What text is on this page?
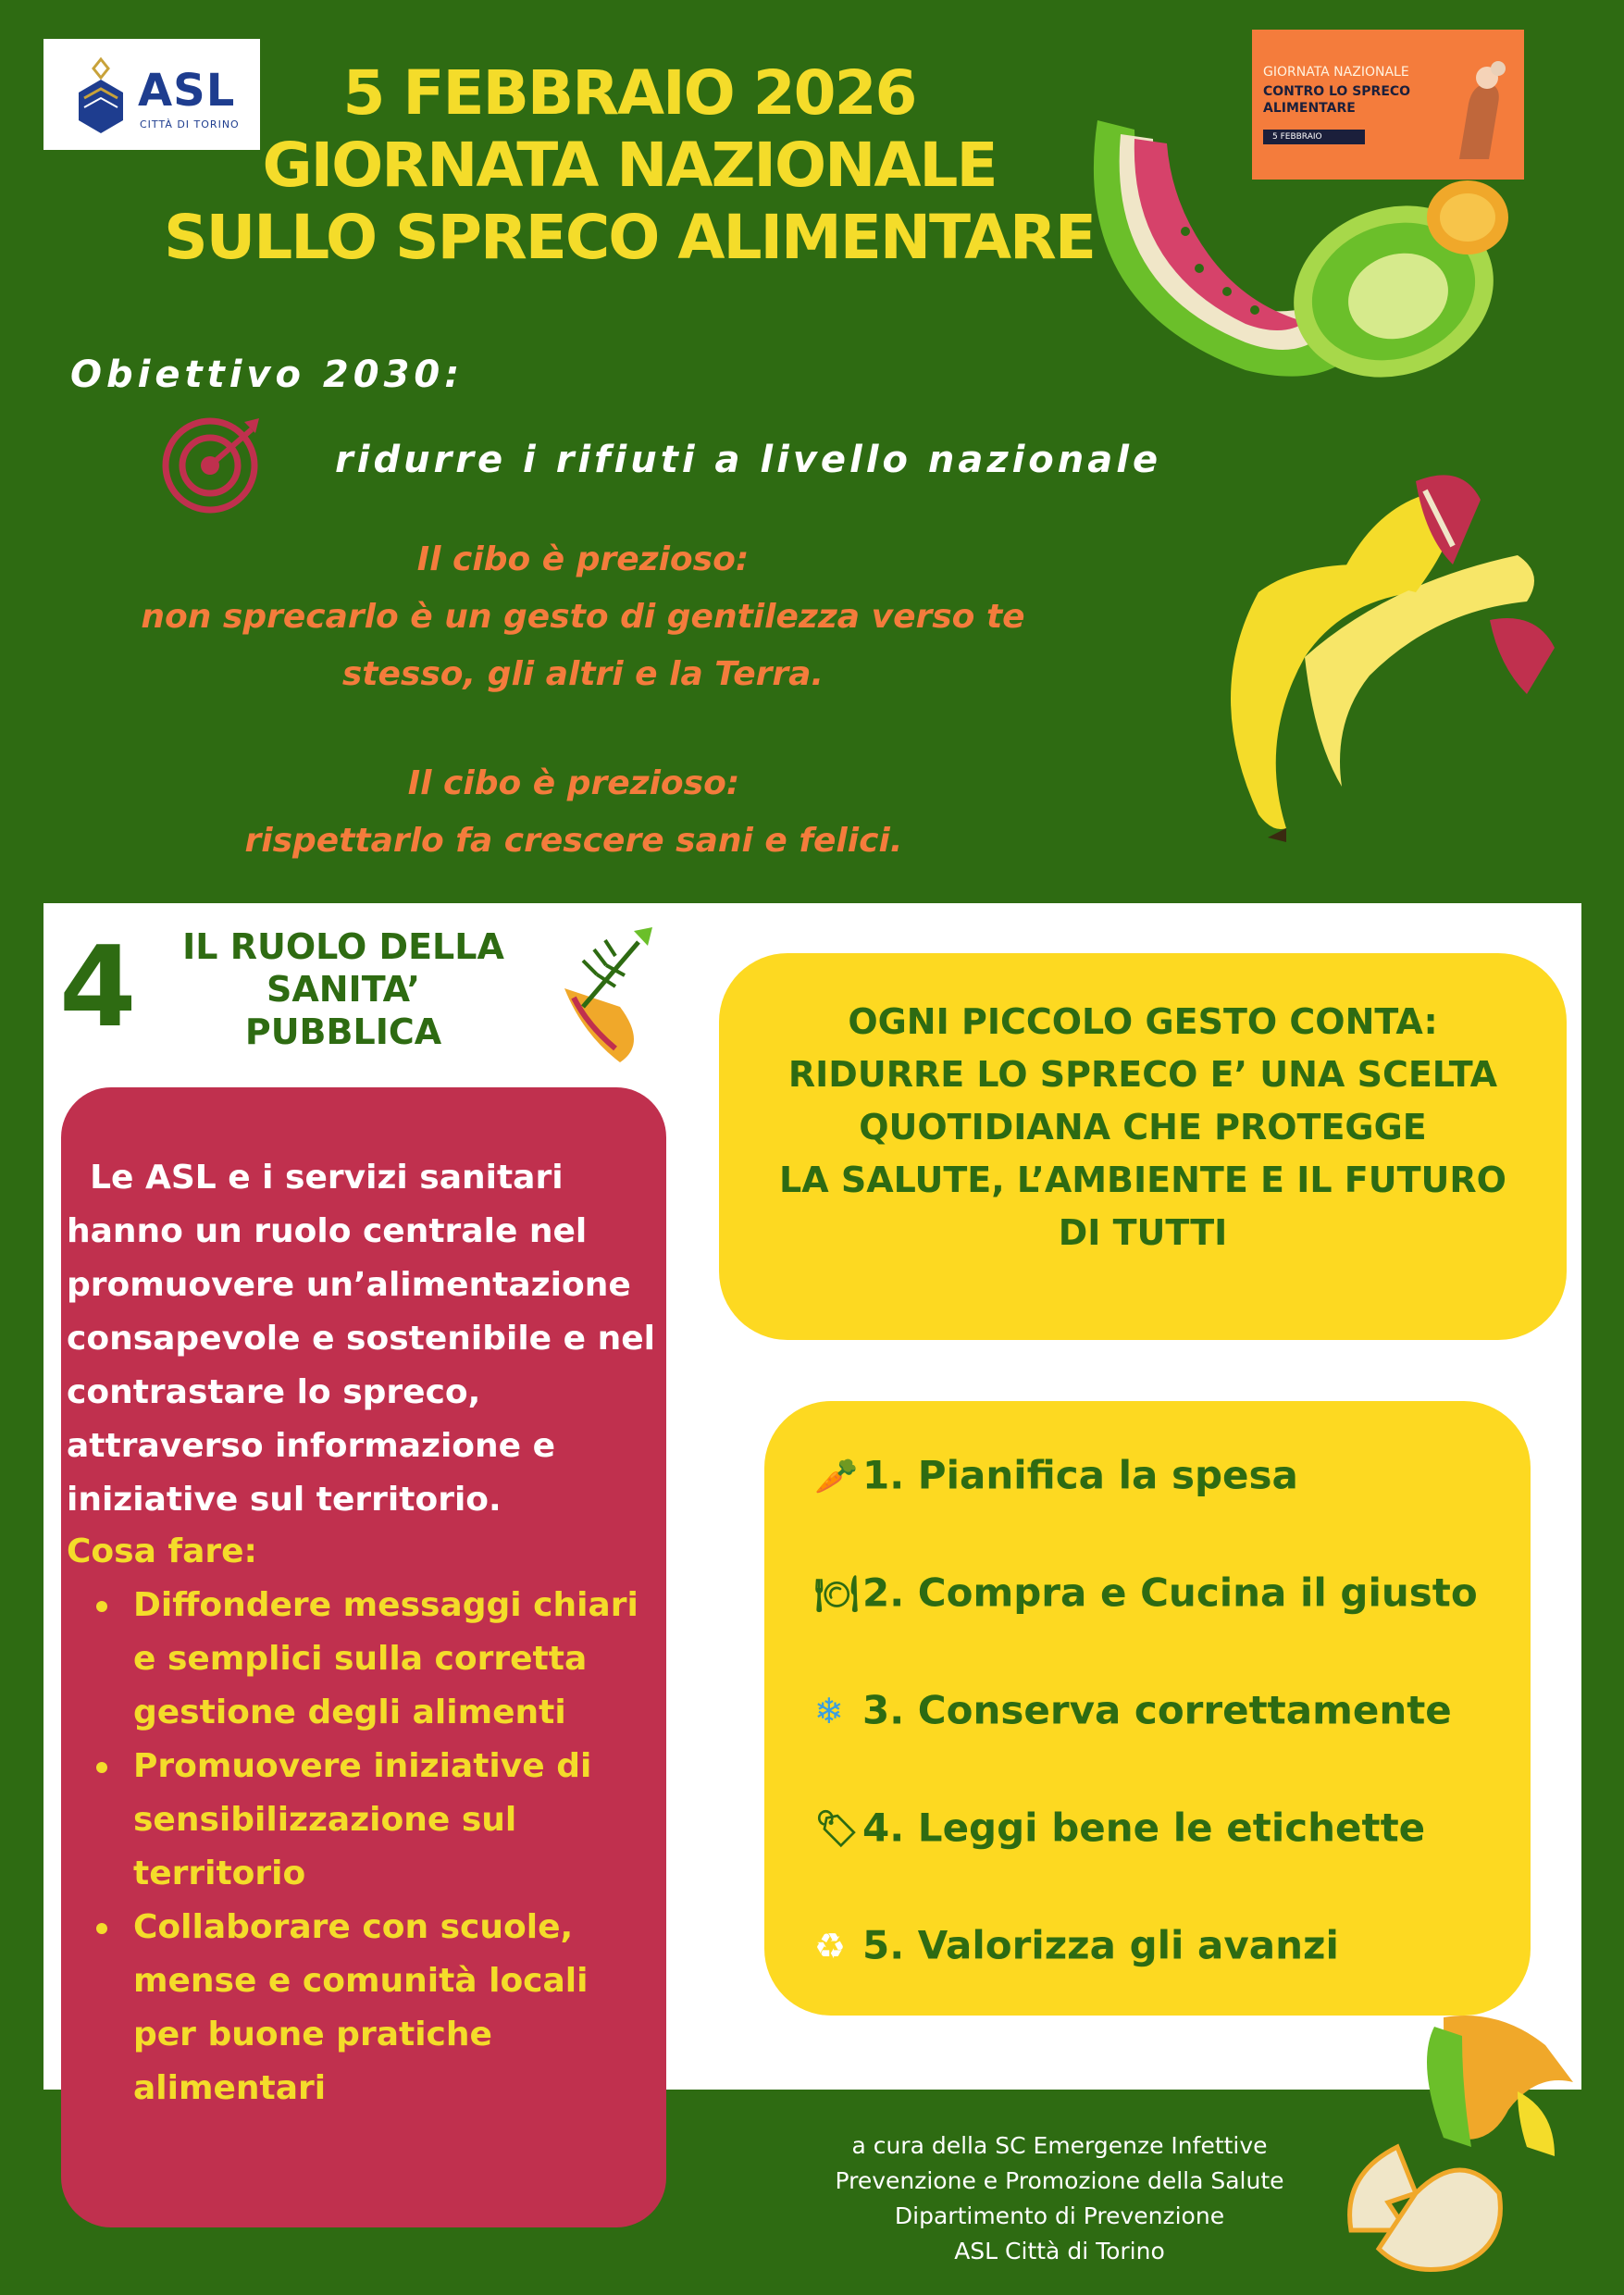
ASL
CITTÀ DI TORINO	5 FEBBRAIO 2026
GIORNATA NAZIONALE
SULLO SPRECO ALIMENTARE
GIORNATA NAZIONALE
CONTRO LO SPRECO
ALIMENTARE
5 FEBBRAIO
Obiettivo 2030:
ridurre i rifiuti a livello nazionale
Il cibo è prezioso:
non sprecarlo è un gesto di gentilezza verso te
stesso, gli altri e la Terra.
Il cibo è prezioso:
rispettarlo fa crescere sani e felici.
4	IL RUOLO DELLA
SANITA’
PUBBLICA
Le ASL e i servizi sanitari
hanno un ruolo centrale nel
promuovere un’alimentazione
consapevole e sostenibile e nel
contrastare lo spreco,
attraverso informazione e
iniziative sul territorio.
Cosa fare:
Diffondere messaggi chiari
e semplici sulla corretta
gestione degli alimenti
Promuovere iniziative di
sensibilizzazione sul
territorio
Collaborare con scuole,
mense e comunità locali
per buone pratiche
alimentari
OGNI PICCOLO GESTO CONTA:
RIDURRE LO SPRECO E’ UNA SCELTA
QUOTIDIANA CHE PROTEGGE
LA SALUTE, L’AMBIENTE E IL FUTURO
DI TUTTI
🥕 1. Pianifica la spesa
🍽2. Compra e Cucina il giusto
❄ 3. Conserva correttamente
🏷4. Leggi bene le etichette
♻ 5. Valorizza gli avanzi
a cura della SC Emergenze Infettive
Prevenzione e Promozione della Salute
Dipartimento di Prevenzione
ASL Città di Torino
